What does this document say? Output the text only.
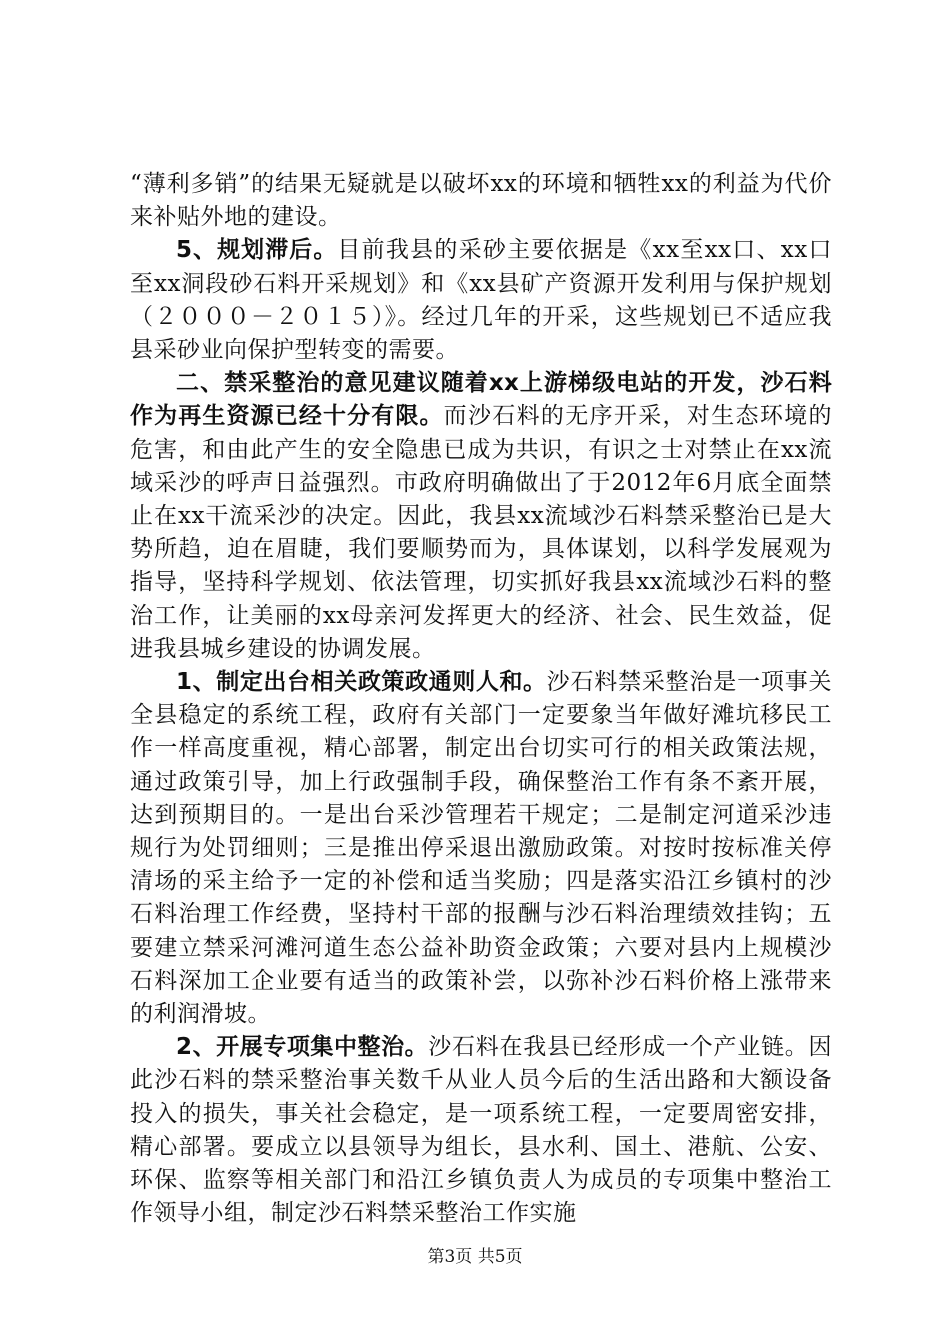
“薄利多销”的结果无疑就是以破坏xx的环境和牺牲xx的利益为代价来补贴外地的建设。

5、规划滞后。目前我县的采砂主要依据是《xx至xx口、xx口至xx洞段砂石料开采规划》和《xx县矿产资源开发利用与保护规划（２０００－２０１５）》。经过几年的开采，这些规划已不适应我县采砂业向保护型转变的需要。

二、禁采整治的意见建议随着xx上游梯级电站的开发，沙石料作为再生资源已经十分有限。而沙石料的无序开采，对生态环境的危害，和由此产生的安全隐患已成为共识，有识之士对禁止在xx流域采沙的呼声日益强烈。市政府明确做出了于2012年6月底全面禁止在xx干流采沙的决定。因此，我县xx流域沙石料禁采整治已是大势所趋，迫在眉睫，我们要顺势而为，具体谋划，以科学发展观为指导，坚持科学规划、依法管理，切实抓好我县xx流域沙石料的整治工作，让美丽的xx母亲河发挥更大的经济、社会、民生效益，促进我县城乡建设的协调发展。

1、制定出台相关政策政通则人和。沙石料禁采整治是一项事关全县稳定的系统工程，政府有关部门一定要象当年做好滩坑移民工作一样高度重视，精心部署，制定出台切实可行的相关政策法规，通过政策引导，加上行政强制手段，确保整治工作有条不紊开展，达到预期目的。一是出台采沙管理若干规定；二是制定河道采沙违规行为处罚细则；三是推出停采退出激励政策。对按时按标准关停清场的采主给予一定的补偿和适当奖励；四是落实沿江乡镇村的沙石料治理工作经费，坚持村干部的报酬与沙石料治理绩效挂钩；五要建立禁采河滩河道生态公益补助资金政策；六要对县内上规模沙石料深加工企业要有适当的政策补尝，以弥补沙石料价格上涨带来的利润滑坡。

2、开展专项集中整治。沙石料在我县已经形成一个产业链。因此沙石料的禁采整治事关数千从业人员今后的生活出路和大额设备投入的损失，事关社会稳定，是一项系统工程，一定要周密安排，精心部署。要成立以县领导为组长，县水利、国土、港航、公安、环保、监察等相关部门和沿江乡镇负责人为成员的专项集中整治工作领导小组，制定沙石料禁采整治工作实施

第3页 共5页
